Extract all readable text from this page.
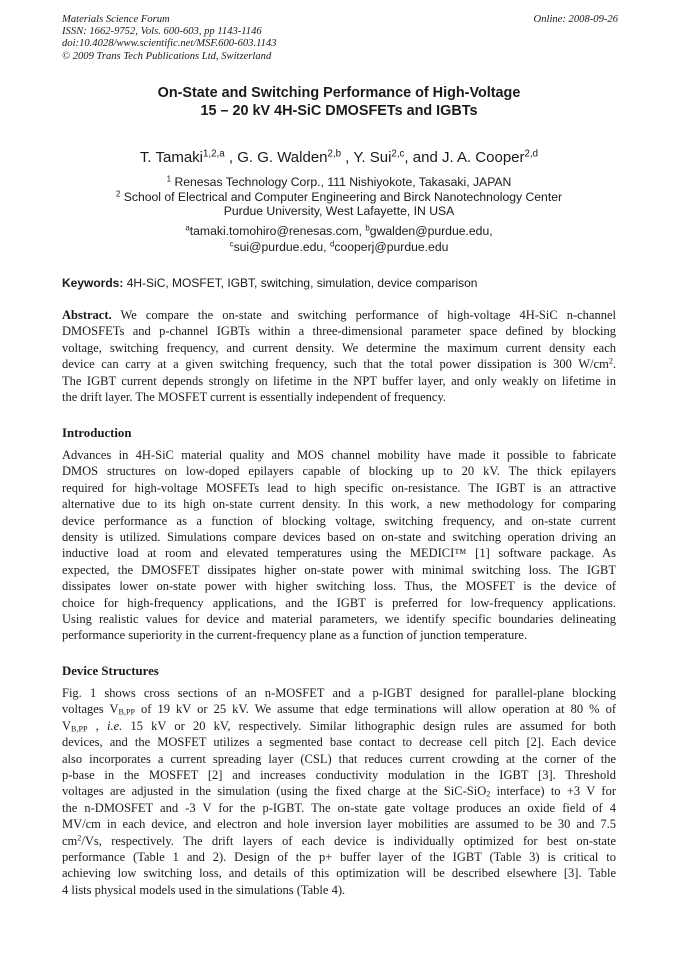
Materials Science Forum
ISSN: 1662-9752, Vols. 600-603, pp 1143-1146
doi:10.4028/www.scientific.net/MSF.600-603.1143
© 2009 Trans Tech Publications Ltd, Switzerland
Online: 2008-09-26
On-State and Switching Performance of High-Voltage
15 – 20 kV 4H-SiC DMOSFETs and IGBTs
T. Tamaki$^{1,2,a}$ , G. G. Walden$^{2,b}$ , Y. Sui$^{2,c}$, and J. A. Cooper$^{2,d}$
$^1$ Renesas Technology Corp., 111 Nishiyokote, Takasaki, JAPAN
$^2$ School of Electrical and Computer Engineering and Birck Nanotechnology Center
Purdue University, West Lafayette, IN USA
$^a$tamaki.tomohiro@renesas.com, $^b$gwalden@purdue.edu,
$^c$sui@purdue.edu, $^d$cooperj@purdue.edu
Keywords: 4H-SiC, MOSFET, IGBT, switching, simulation, device comparison
Abstract. We compare the on-state and switching performance of high-voltage 4H-SiC n-channel
DMOSFETs and p-channel IGBTs within a three-dimensional parameter space defined by blocking
voltage, switching frequency, and current density. We determine the maximum current density each
device can carry at a given switching frequency, such that the total power dissipation is 300 $W/cm^2$.
The IGBT current depends strongly on lifetime in the NPT buffer layer, and only weakly on lifetime in
the drift layer. The MOSFET current is essentially independent of frequency.
Introduction
Advances in 4H-SiC material quality and MOS channel mobility have made it possible to fabricate
DMOS structures on low-doped epilayers capable of blocking up to 20 kV. The thick epilayers
required for high-voltage MOSFETs lead to high specific on-resistance. The IGBT is an attractive
alternative due to its high on-state current density. In this work, a new methodology for comparing
device performance as a function of blocking voltage, switching frequency, and on-state current
density is utilized. Simulations compare devices based on on-state and switching operation driving an
inductive load at room and elevated temperatures using the MEDICI™ [1] software package. As
expected, the DMOSFET dissipates higher on-state power with minimal switching loss. The IGBT
dissipates lower on-state power with higher switching loss. Thus, the MOSFET is the device of
choice for high-frequency applications, and the IGBT is preferred for low-frequency applications.
Using realistic values for device and material parameters, we identify specific boundaries delineating
performance superiority in the current-frequency plane as a function of junction temperature.
Device Structures
Fig. 1 shows cross sections of an n-MOSFET and a p-IGBT designed for parallel-plane blocking
voltages $V_{B,PP}$ of 19 kV or 25 kV. We assume that edge terminations will allow operation at 80 % of
$V_{B,PP}$ , i.e. 15 kV or 20 kV, respectively. Similar lithographic design rules are assumed for both
devices, and the MOSFET utilizes a segmented base contact to decrease cell pitch [2]. Each device
also incorporates a current spreading layer (CSL) that reduces current crowding at the corner of the
p-base in the MOSFET [2] and increases conductivity modulation in the IGBT [3]. Threshold
voltages are adjusted in the simulation (using the fixed charge at the SiC-SiO$_2$ interface) to +3 V for
the n-DMOSFET and -3 V for the p-IGBT. The on-state gate voltage produces an oxide field of 4
MV/cm in each device, and electron and hole inversion layer mobilities are assumed to be 30 and 7.5
$cm^2/Vs$, respectively. The drift layers of each device is individually optimized for best on-state
performance (Table 1 and 2). Design of the p+ buffer layer of the IGBT (Table 3) is critical to
achieving low switching loss, and details of this optimization will be described elsewhere [3]. Table
4 lists physical models used in the simulations (Table 4).
